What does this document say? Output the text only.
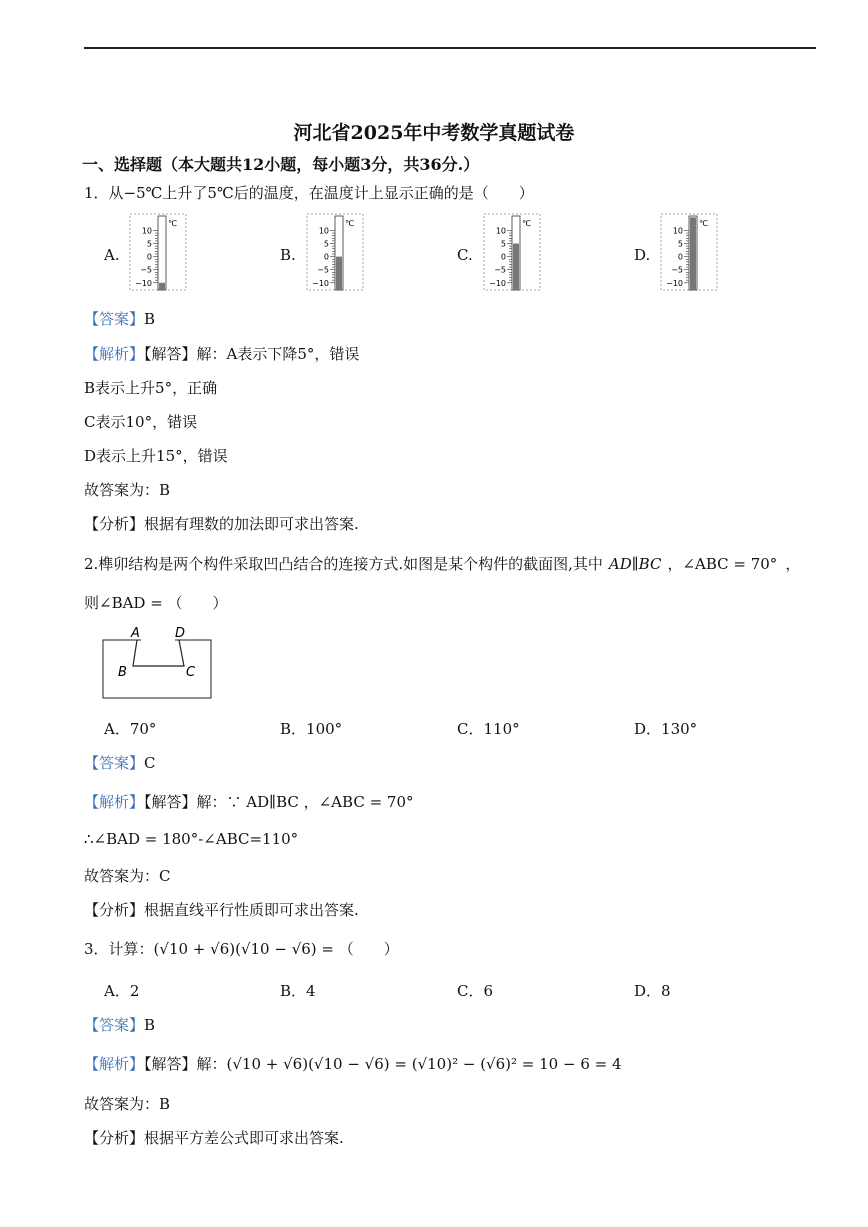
河北省2025年中考数学真题试卷
一、选择题（本大题共12小题，每小题3分，共36分.）
1．从−5℃上升了5℃后的温度，在温度计上显示正确的是（　　）
A.	B.	C.	D.
10
5
0
−5
−10
℃
10
5
0
−5
−10
℃
10
5
0
−5
−10
℃
10
5
0
−5
−10
℃
【答案】B
【解析】【解答】解：A表示下降5°，错误
B表示上升5°，正确
C表示10°，错误
D表示上升15°，错误
故答案为：B
【分析】根据有理数的加法即可求出答案.
2.榫卯结构是两个构件采取凹凸结合的连接方式.如图是某个构件的截面图,其中 AD∥BC ，∠ABC = 70° ，
则∠BAD = （　　）
A	D
B	C
A．70°	B．100°	C．110°	D．130°
【答案】C
【解析】【解答】解：∵ AD∥BC ，∠ABC = 70°
∴∠BAD = 180°-∠ABC=110°
故答案为：C
【分析】根据直线平行性质即可求出答案.
3．计算：(√10 + √6)(√10 − √6) = （　　）
A．2	B．4	C．6	D．8
【答案】B
【解析】【解答】解：(√10 + √6)(√10 − √6) = (√10)² − (√6)² = 10 − 6 = 4
故答案为：B
【分析】根据平方差公式即可求出答案.
